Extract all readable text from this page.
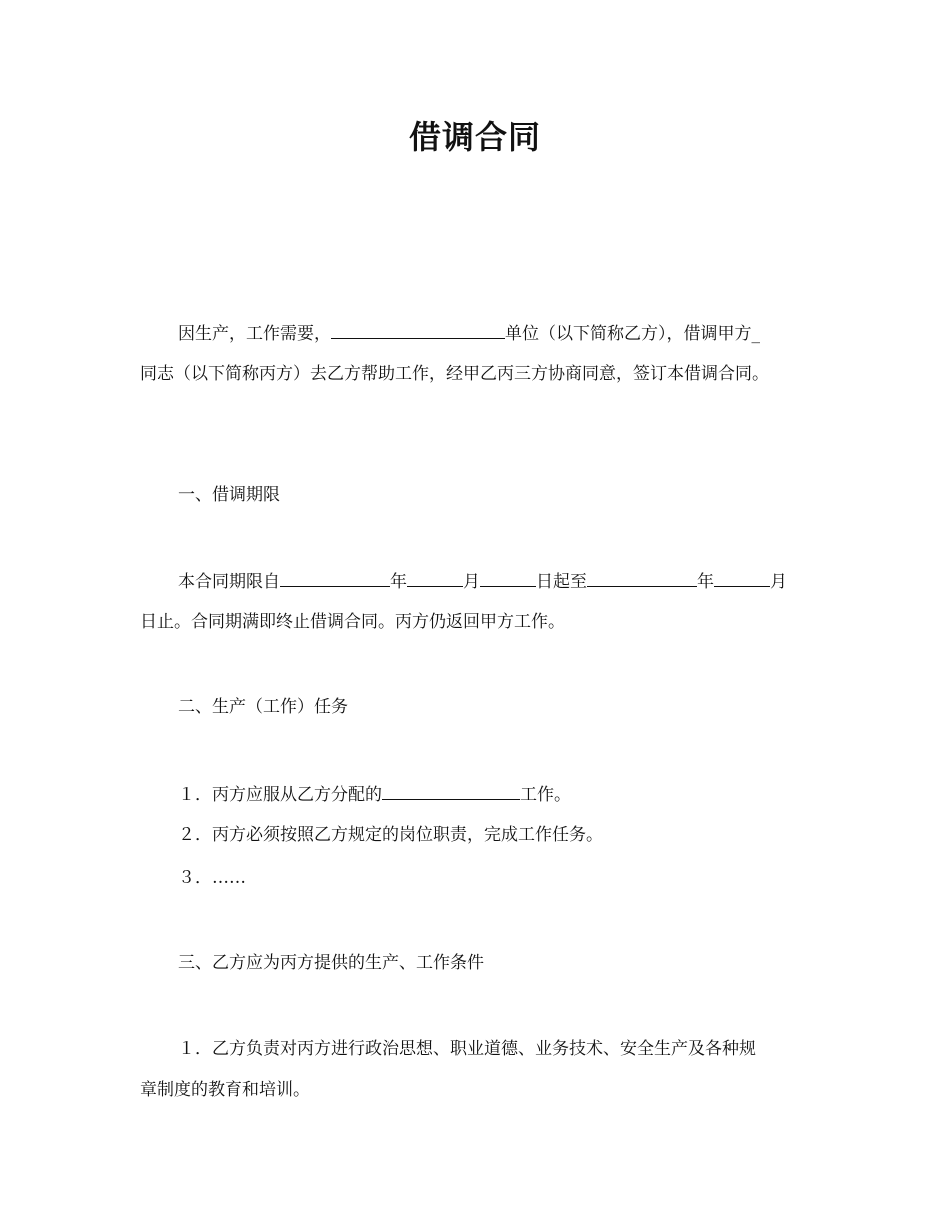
借调合同
因生产，工作需要，	单位（以下简称乙方），借调甲方_
同志（以下简称丙方）去乙方帮助工作，经甲乙丙三方协商同意，签订本借调合同。
一、借调期限
本合同期限自	年	月	日起至	年	月
日止。合同期满即终止借调合同。丙方仍返回甲方工作。
二、生产（工作）任务
１．丙方应服从乙方分配的	工作。
２．丙方必须按照乙方规定的岗位职责，完成工作任务。
３．……
三、乙方应为丙方提供的生产、工作条件
１．乙方负责对丙方进行政治思想、职业道德、业务技术、安全生产及各种规
章制度的教育和培训。
